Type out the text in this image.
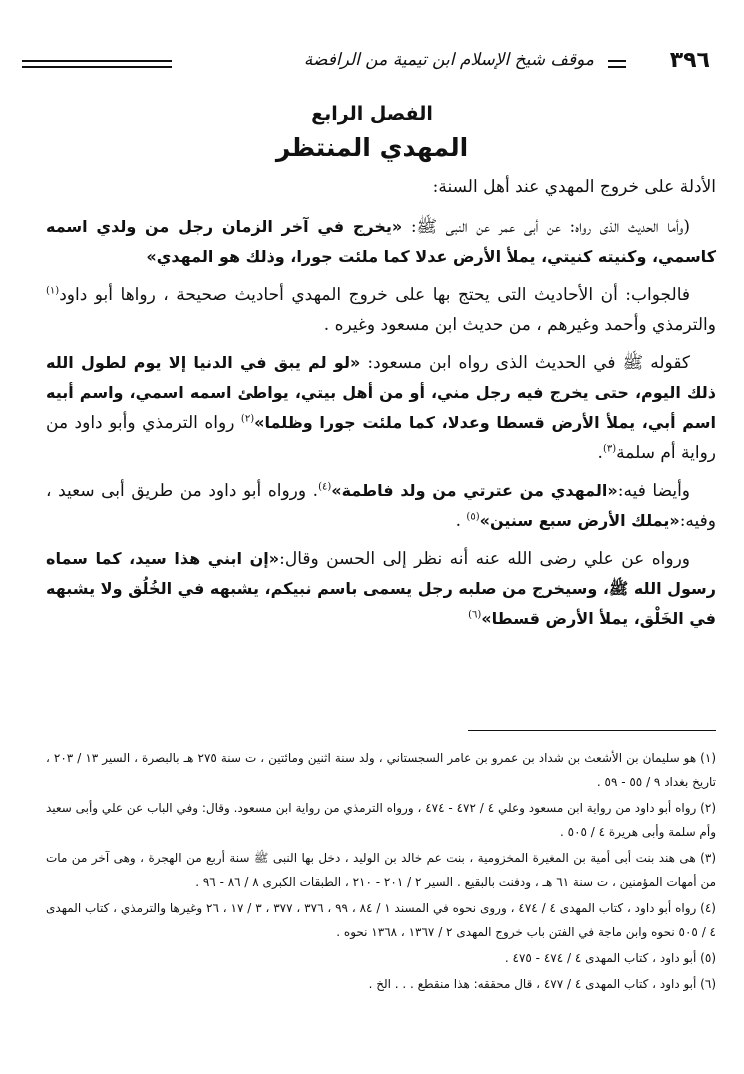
٣٩٦
موقف شيخ الإسلام ابن تيمية من الرافضة
الفصل الرابع
المهدي المنتظر

الأدلة على خروج المهدي عند أهل السنة:

(وأما الحديث الذى رواه: عن أبى عمر عن النبى ﷺ: «يخرج في آخر الزمان رجل من ولدي اسمه كاسمي، وكنيته كنيتي، يملأ الأرض عدلا كما ملئت جورا، وذلك هو المهدي»

فالجواب: أن الأحاديث التى يحتج بها على خروج المهدي أحاديث صحيحة ، رواها أبو داود$^{(١)}$ والترمذي وأحمد وغيرهم ، من حديث ابن مسعود وغيره .

كقوله ﷺ في الحديث الذى رواه ابن مسعود: «لو لم يبق في الدنيا إلا يوم لطول الله ذلك اليوم، حتى يخرج فيه رجل مني، أو من أهل بيتي، يواطئ اسمه اسمي، واسم أبيه اسم أبي، يملأ الأرض قسطا وعدلا، كما ملئت جورا وظلما»$^{(٢)}$ رواه الترمذي وأبو داود من رواية أم سلمة$^{(٣)}$.

وأيضا فيه:«المهدي من عترتي من ولد فاطمة»$^{(٤)}$. ورواه أبو داود من طريق أبى سعيد ، وفيه:«يملك الأرض سبع سنين»$^{(٥)}$ .

ورواه عن علي رضى الله عنه أنه نظر إلى الحسن وقال:«إن ابني هذا سيد، كما سماه رسول الله ﷺ، وسيخرج من صلبه رجل يسمى باسم نبيكم، يشبهه في الخُلُق ولا يشبهه في الخَلْق، يملأ الأرض قسطا»$^{(٦)}$

(١) هو سليمان بن الأشعث بن شداد بن عمرو بن عامر السجستاني ، ولد سنة اثنين ومائتين ، ت سنة ٢٧٥ هـ بالبصرة ، السير ١٣ / ٢٠٣ ، تاريخ بغداد ٩ / ٥٥ - ٥٩ .
(٢) رواه أبو داود من رواية ابن مسعود وعلي ٤ / ٤٧٢ - ٤٧٤ ، ورواه الترمذي من رواية ابن مسعود. وقال: وفي الباب عن علي وأبى سعيد وأم سلمة وأبى هريرة ٤ / ٥٠٥ .
(٣) هى هند بنت أبى أمية بن المغيرة المخزومية ، بنت عم خالد بن الوليد ، دخل بها النبى ﷺ سنة أربع من الهجرة ، وهى آخر من مات من أمهات المؤمنين ، ت سنة ٦١ هـ ، ودفنت بالبقيع . السير ٢ / ٢٠١ - ٢١٠ ، الطبقات الكبرى ٨ / ٨٦ - ٩٦ .
(٤) رواه أبو داود ، كتاب المهدى ٤ / ٤٧٤ ، وروى نحوه في المسند ١ / ٨٤ ، ٩٩ ، ٣٧٦ ، ٣٧٧ ، ٣ / ١٧ ، ٢٦ وغيرها والترمذي ، كتاب المهدى ٤ / ٥٠٥ نحوه وابن ماجة في الفتن باب خروج المهدى ٢ / ١٣٦٧ ، ١٣٦٨ نحوه .
(٥) أبو داود ، كتاب المهدى ٤ / ٤٧٤ - ٤٧٥ .
(٦) أبو داود ، كتاب المهدى ٤ / ٤٧٧ ، قال محققه: هذا منقطع . . . الخ .
